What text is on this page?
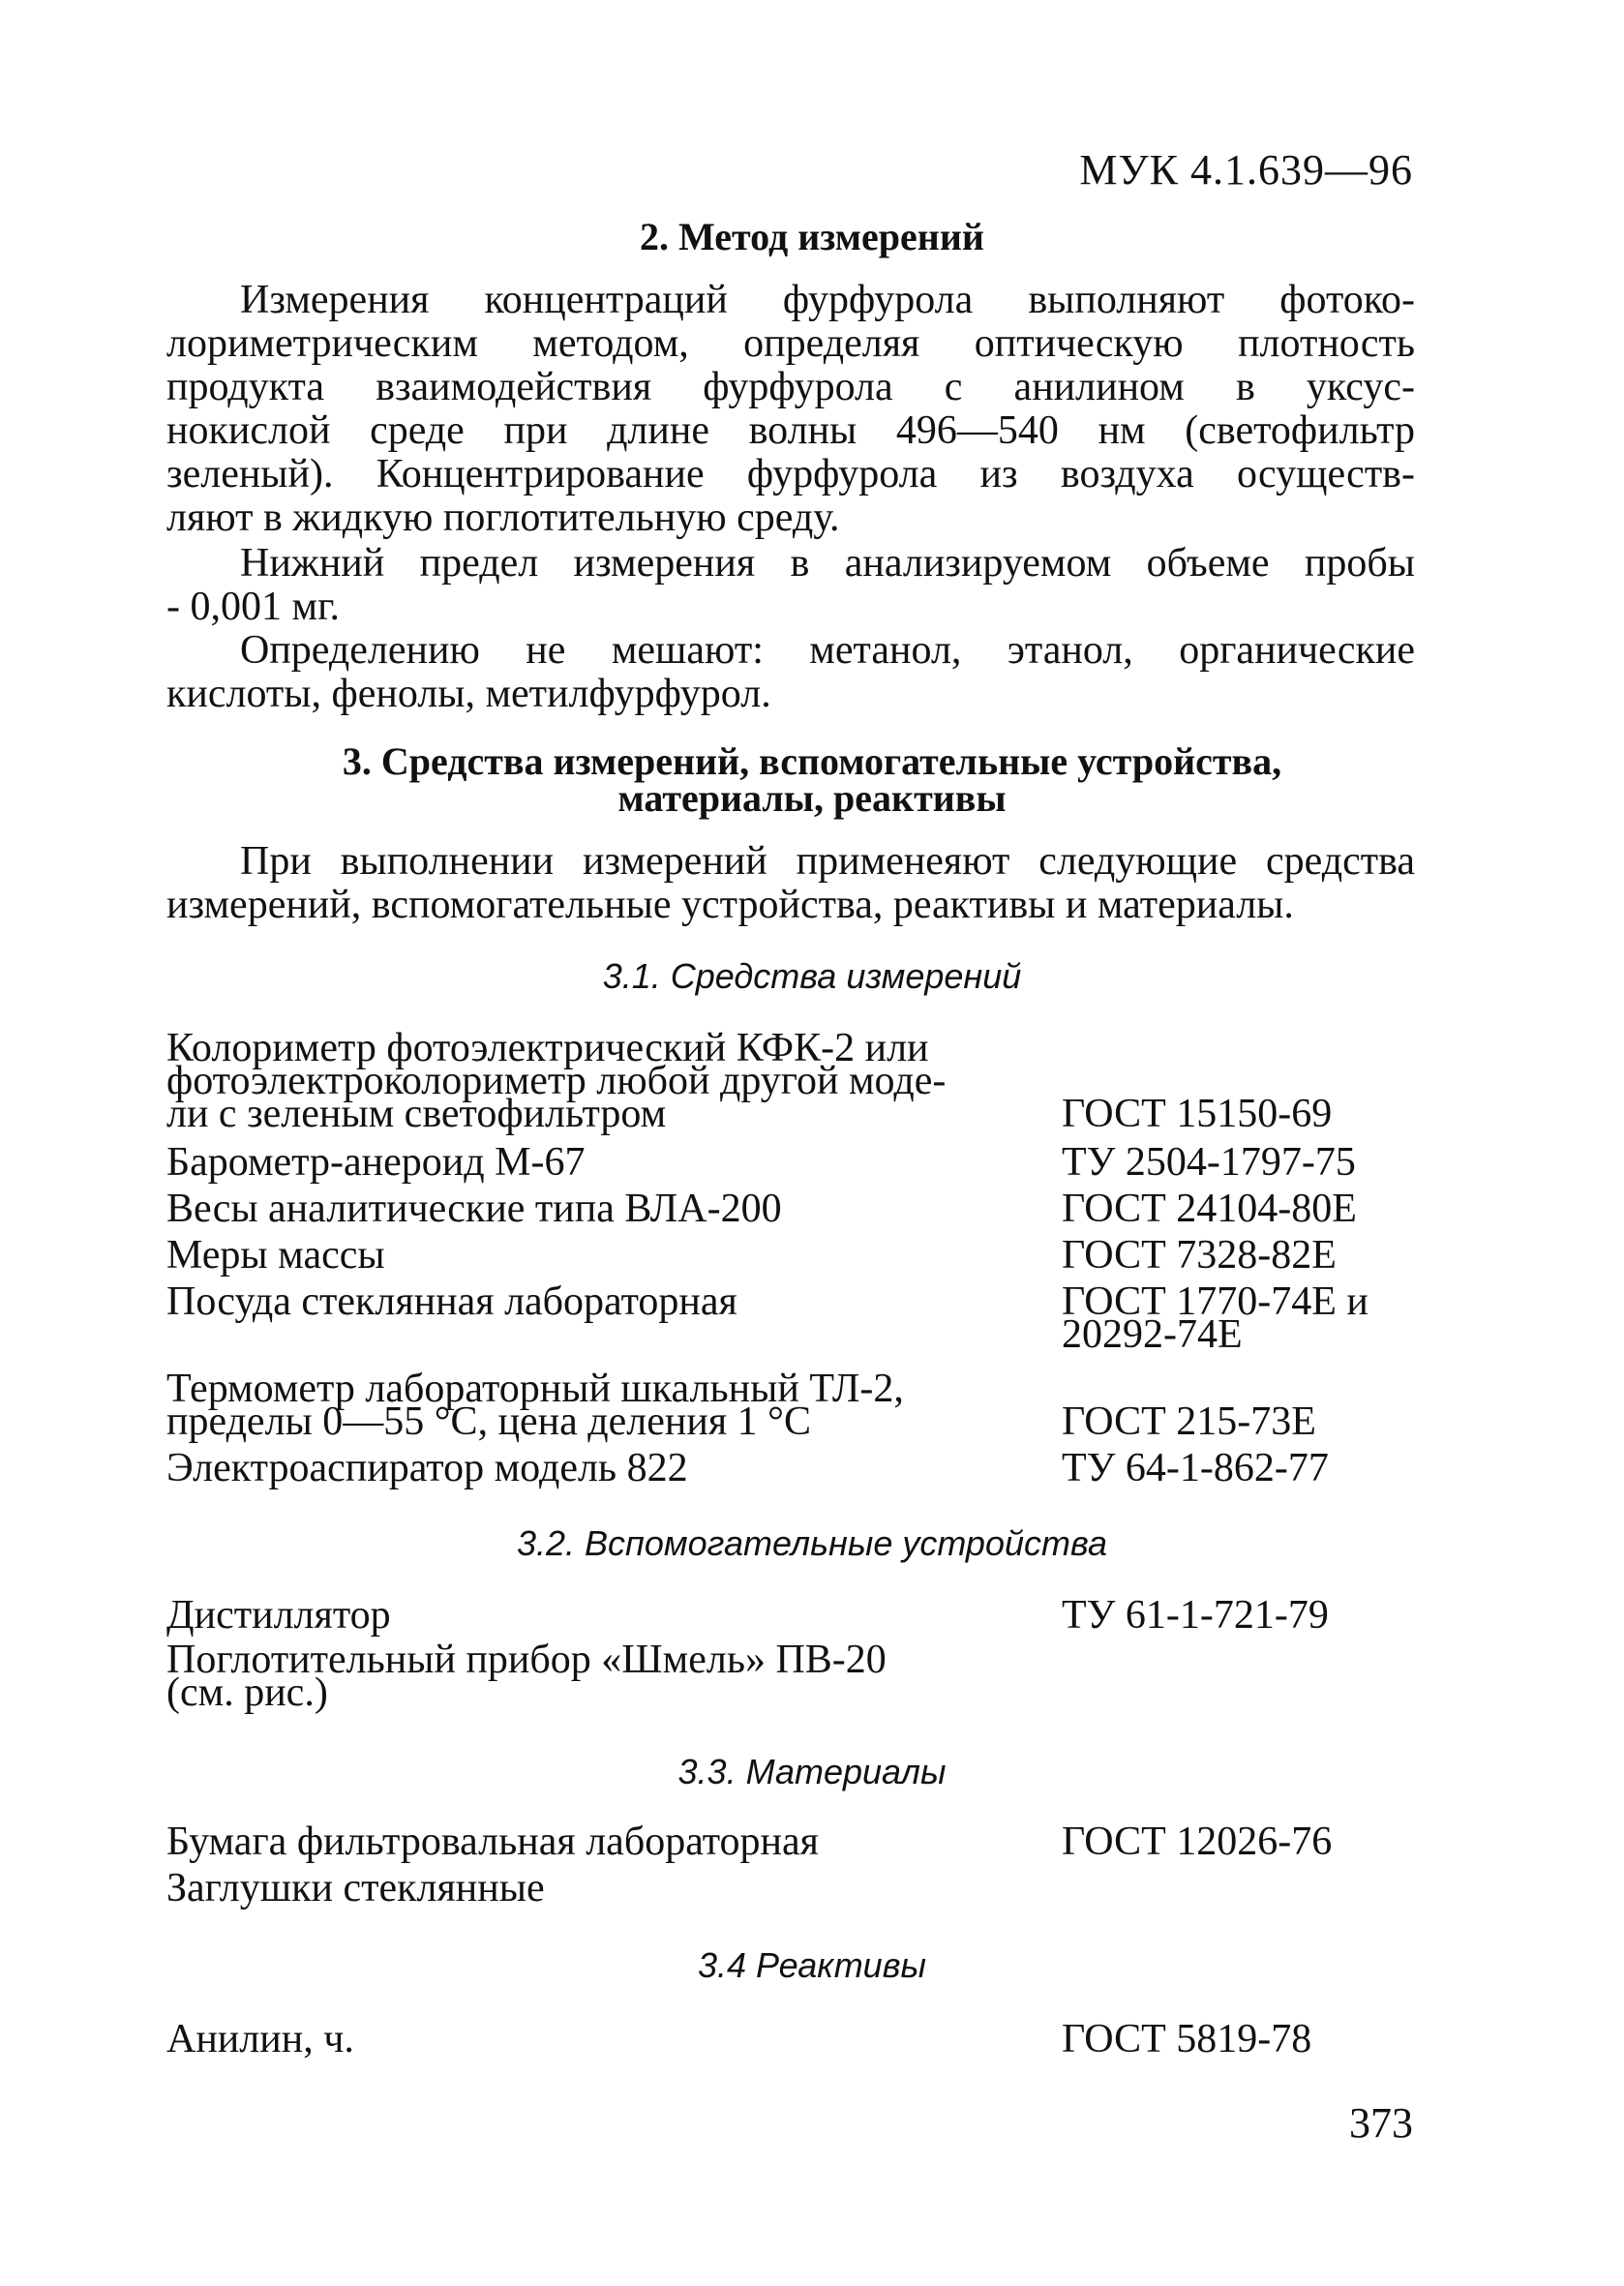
МУК 4.1.639—96
2. Метод измерений
Измерения концентраций фурфурола выполняют фотоко-
лориметрическим методом, определяя оптическую плотность
продукта взаимодействия фурфурола с анилином в уксус-
нокислой среде при длине волны 496—540 нм (светофильтр
зеленый). Концентрирование фурфурола из воздуха осуществ-
ляют в жидкую поглотительную среду.
Нижний предел измерения в анализируемом объеме пробы
- 0,001 мг.
Определению не мешают: метанол, этанол, органические
кислоты, фенолы, метилфурфурол.
3. Средства измерений, вспомогательные устройства,
материалы, реактивы
При выполнении измерений применеяют следующие средства
измерений, вспомогательные устройства, реактивы и материалы.
3.1. Средства измерений
Колориметр фотоэлектрический КФК-2 или
фотоэлектроколориметр любой другой моде-
ли с зеленым светофильтром

	ГОСТ 15150-69
Барометр-анероид М-67	ТУ 2504-1797-75
Весы аналитические типа ВЛА-200	ГОСТ 24104-80Е
Меры массы	ГОСТ 7328-82Е
Посуда стеклянная лабораторная	ГОСТ 1770-74Е и
20292-74Е
Термометр лабораторный шкальный ТЛ-2,
пределы 0—55 °С, цена деления 1 °С
	ГОСТ 215-73Е
Электроаспиратор модель 822	ТУ 64-1-862-77
3.2. Вспомогательные устройства
Дистиллятор	ТУ 61-1-721-79
Поглотительный прибор «Шмель» ПВ-20
(см. рис.)
3.3. Материалы
Бумага фильтровальная лабораторная	ГОСТ 12026-76
Заглушки стеклянные
3.4 Реактивы
Анилин, ч.	ГОСТ 5819-78
373
